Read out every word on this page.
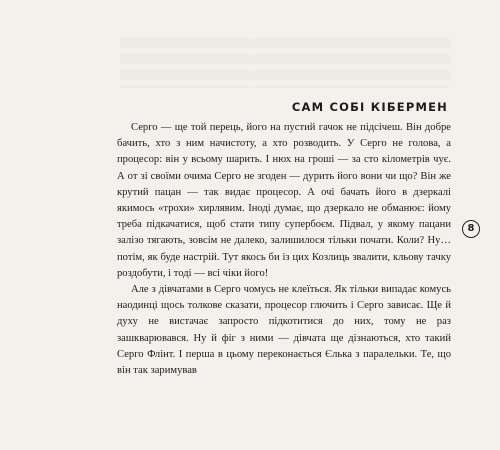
САМ СОБІ КІБЕРМЕН

Серго — ще той перець, його на пустий гачок не підсічеш. Він добре бачить, хто з ним начистоту, а хто розводить. У Серго не голова, а процесор: він у всьому шарить. І нюх на гроші — за сто кілометрів чує. А от зі своїми очима Серго не згоден — дурить його вони чи що? Він же крутий пацан — так видає процесор. А очі бачать його в дзеркалі якимось «трохи» хирлявим. Іноді думає, що дзеркало не обманює: йому треба підкачатися, щоб стати типу супербоєм. Підвал, у якому пацани залізо тягають, зовсім не далеко, залишилося тільки почати. Коли? Ну… потім, як буде настрій. Тут якось би із цих Козлиць звалити, кльову тачку роздобути, і тоді — всі чіки його!

Але з дівчатами в Серго чомусь не клеїться. Як тільки випадає комусь наодинці щось толкове сказати, процесор глючить і Серго зависає. Ще й духу не вистачає запросто підкотитися до них, тому не раз зашкварювався. Ну й фіг з ними — дівчата ще дізнаються, хто такий Серго Флінт. І перша в цьому переконається Єлька з паралельки. Те, що він так заримував

8
